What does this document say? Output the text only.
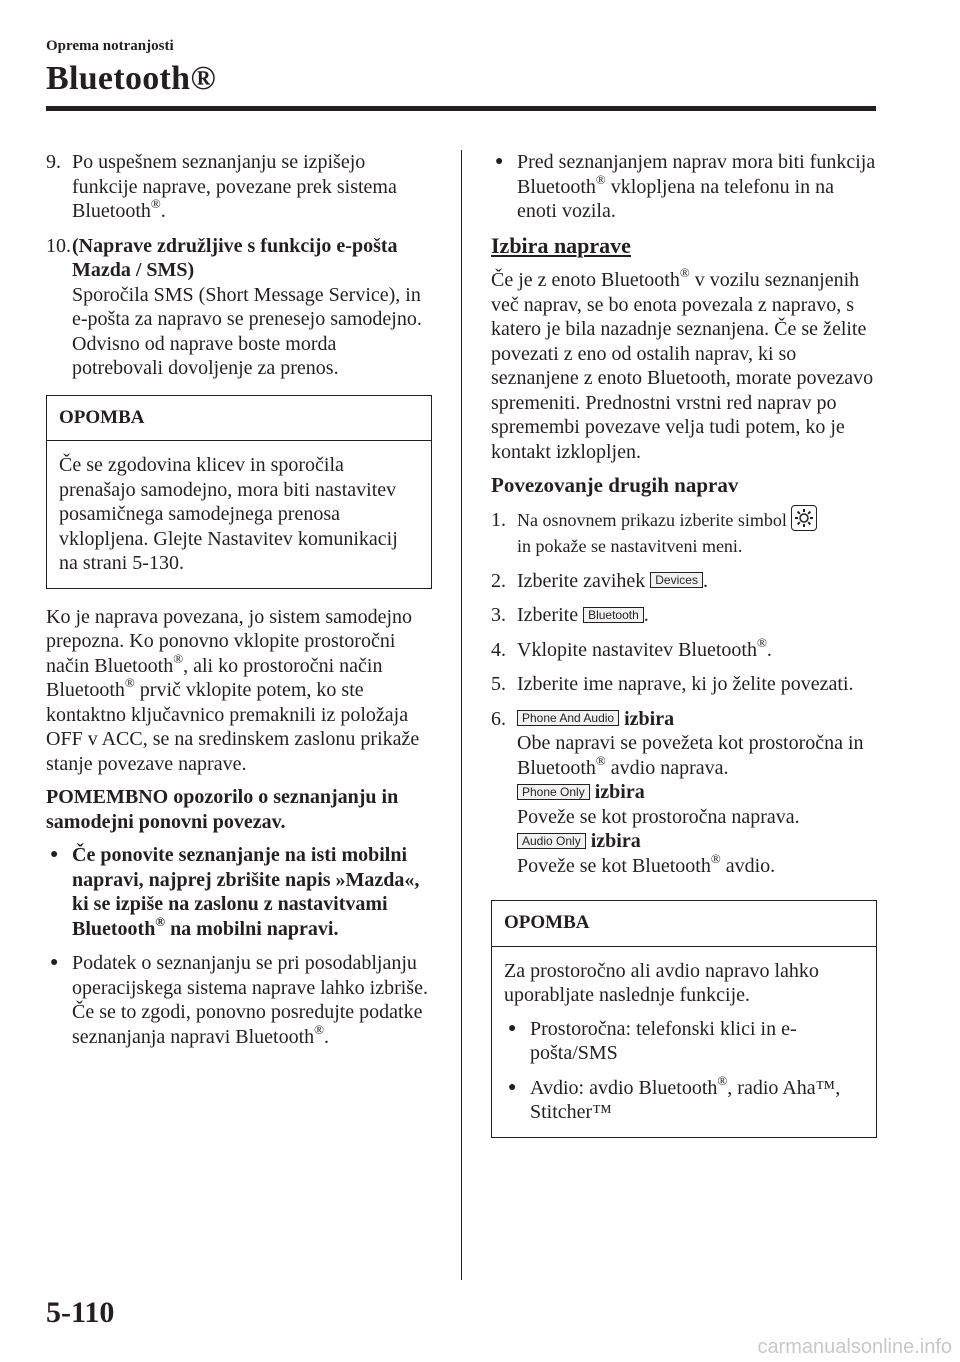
Oprema notranjosti
Bluetooth®
9. Po uspešnem seznanjanju se izpišejo funkcije naprave, povezane prek sistema Bluetooth®.
10. (Naprave združljive s funkcijo e-pošta Mazda / SMS)
Sporočila SMS (Short Message Service), in e-pošta za napravo se prenesejo samodejno. Odvisno od naprave boste morda potrebovali dovoljenje za prenos.
OPOMBA
Če se zgodovina klicev in sporočila prenašajo samodejno, mora biti nastavitev posamičnega samodejnega prenosa vklopljena. Glejte Nastavitev komunikacij na strani 5-130.

Ko je naprava povezana, jo sistem samodejno prepozna. Ko ponovno vklopite prostoročni način Bluetooth®, ali ko prostoročni način Bluetooth® prvič vklopite potem, ko ste kontaktno ključavnico premaknili iz položaja OFF v ACC, se na sredinskem zaslonu prikaže stanje povezave naprave.

POMEMBNO opozorilo o seznanjanju in samodejni ponovni povezav.

● Če ponovite seznanjanje na isti mobilni napravi, najprej zbrišite napis »Mazda«, ki se izpiše na zaslonu z nastavitvami Bluetooth® na mobilni napravi.
● Podatek o seznanjanju se pri posodabljanju operacijskega sistema naprave lahko izbriše. Če se to zgodi, ponovno posredujte podatke seznanjanja napravi Bluetooth®.
● Pred seznanjanjem naprav mora biti funkcija Bluetooth® vklopljena na telefonu in na enoti vozila.
Izbira naprave

Če je z enoto Bluetooth® v vozilu seznanjenih več naprav, se bo enota povezala z napravo, s katero je bila nazadnje seznanjena. Če se želite povezati z eno od ostalih naprav, ki so seznanjene z enoto Bluetooth, morate povezavo spremeniti. Prednostni vrstni red naprav po spremembi povezave velja tudi potem, ko je kontakt izklopljen.

Povezovanje drugih naprav
1. Na osnovnem prikazu izberite simbol

in pokaže se nastavitveni meni.
2. Izberite zavihek Devices .
3. Izberite Bluetooth .
4. Vklopite nastavitev Bluetooth®.
5. Izberite ime naprave, ki jo želite povezati.
6.	Phone And Audio izbira
Obe napravi se povežeta kot prostoročna in Bluetooth® avdio naprava.
Phone Only izbira
Poveže se kot prostoročna naprava.
Audio Only izbira
Poveže se kot Bluetooth® avdio.
OPOMBA

Za prostoročno ali avdio napravo lahko uporabljate naslednje funkcije.

● Prostoročna: telefonski klici in e-pošta/SMS
● Avdio: avdio Bluetooth®, radio Aha™, Stitcher™
5-110
carmanualsonline.info
